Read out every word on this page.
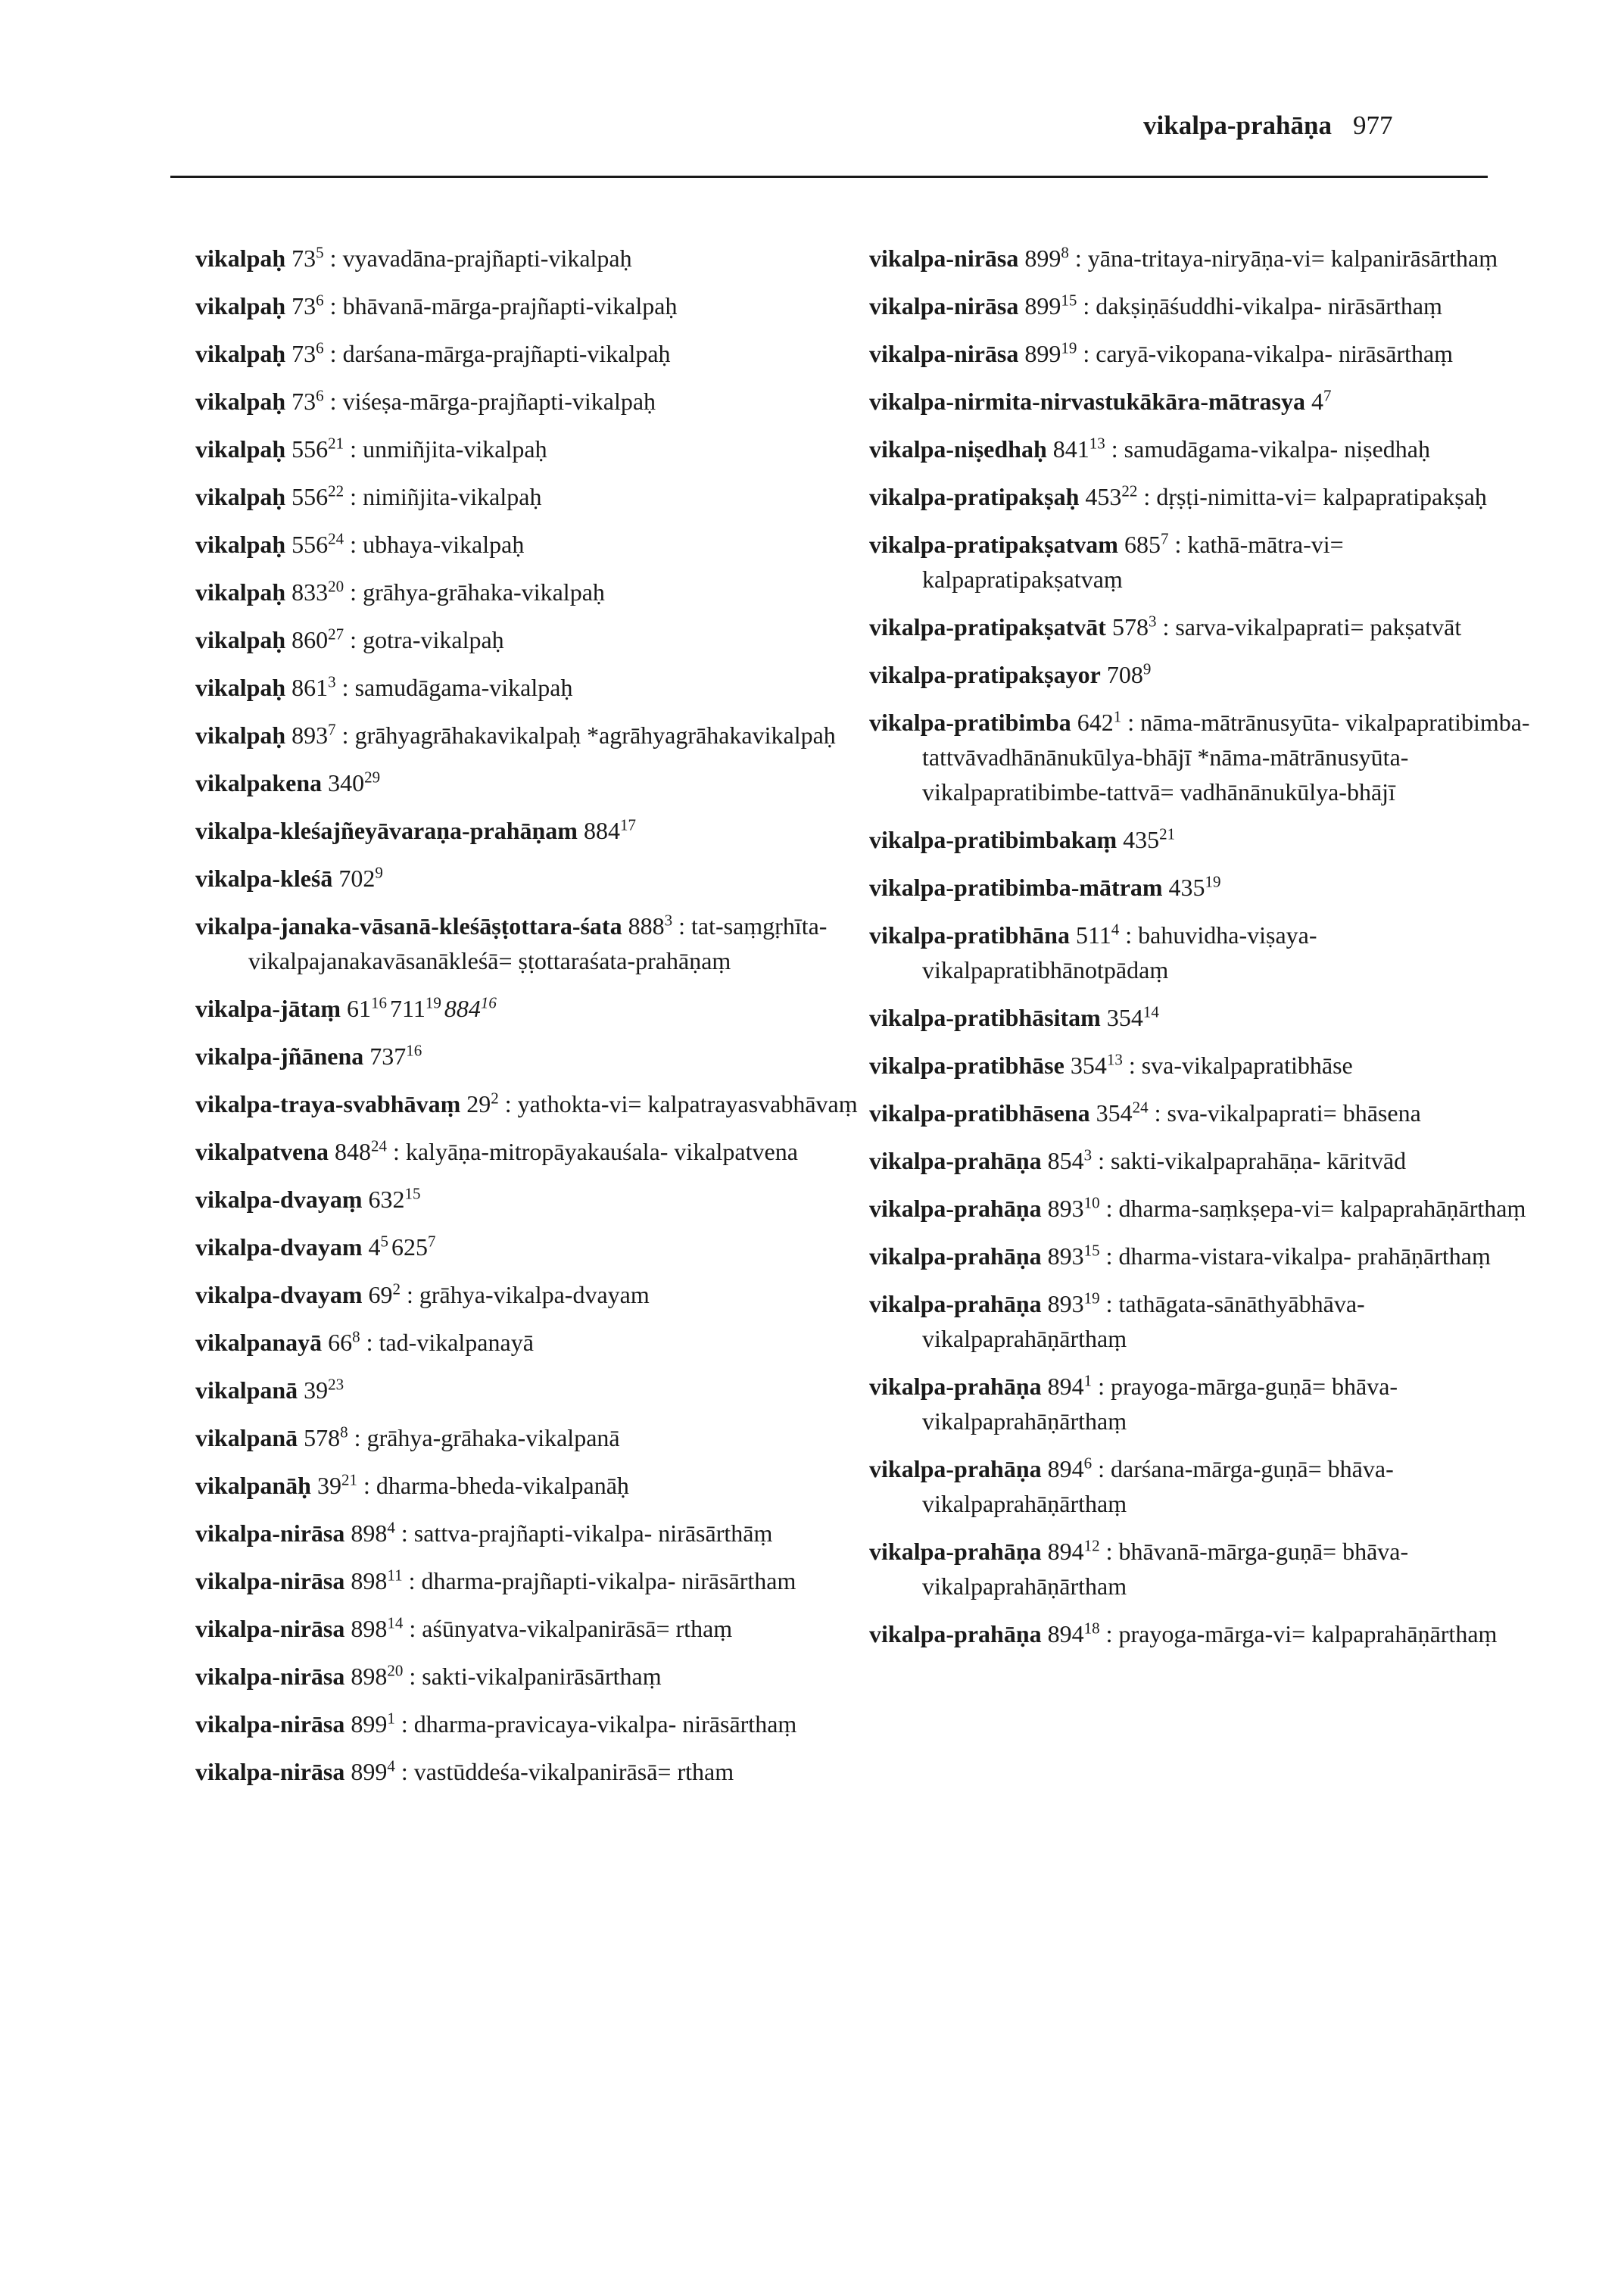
vikalpa-prahāṇa 977
vikalpaḥ $73^5$ : vyavadāna-prajñapti-vikalpaḥ
vikalpaḥ $73^6$ : bhāvanā-mārga-prajñapti-vikalpaḥ
vikalpaḥ $73^6$ : darśana-mārga-prajñapti-vikalpaḥ
vikalpaḥ $73^6$ : viśeṣa-mārga-prajñapti-vikalpaḥ
vikalpaḥ $556^{21}$ : unmiñjita-vikalpaḥ
vikalpaḥ $556^{22}$ : nimiñjita-vikalpaḥ
vikalpaḥ $556^{24}$ : ubhaya-vikalpaḥ
vikalpaḥ $833^{20}$ : grāhya-grāhaka-vikalpaḥ
vikalpaḥ $860^{27}$ : gotra-vikalpaḥ
vikalpaḥ $861^3$ : samudāgama-vikalpaḥ
vikalpaḥ $893^7$ : grāhyagrāhakavikalpaḥ *agrāhyagrāhakavikalpaḥ
vikalpakena $340^{29}$
vikalpa-kleśajñeyāvaraṇa-prahāṇam $884^{17}$
vikalpa-kleśā $702^9$
vikalpa-janaka-vāsanā-kleśāṣṭottara-śata $888^3$ : tat-saṃgṛhīta-vikalpajanakavāsanākleśā= ṣṭottaraśata-prahāṇaṃ
vikalpa-jātaṃ $61^{16}$ $711^{19}$ $884^{16}$
vikalpa-jñānena $737^{16}$
vikalpa-traya-svabhāvaṃ $29^2$ : yathokta-vi= kalpatrayasvabhāvaṃ
vikalpatvena $848^{24}$ : kalyāṇa-mitropāyakauśala- vikalpatvena
vikalpa-dvayaṃ $632^{15}$
vikalpa-dvayam $4^5$ $625^7$
vikalpa-dvayam $69^2$ : grāhya-vikalpa-dvayam
vikalpanayā $66^8$ : tad-vikalpanayā
vikalpanā $39^{23}$
vikalpanā $578^8$ : grāhya-grāhaka-vikalpanā
vikalpanāḥ $39^{21}$ : dharma-bheda-vikalpanāḥ
vikalpa-nirāsa $898^4$ : sattva-prajñapti-vikalpa- nirāsārthāṃ
vikalpa-nirāsa $898^{11}$ : dharma-prajñapti-vikalpa- nirāsārtham
vikalpa-nirāsa $898^{14}$ : aśūnyatva-vikalpanirāsā= rthaṃ
vikalpa-nirāsa $898^{20}$ : sakti-vikalpanirāsārthaṃ
vikalpa-nirāsa $899^1$ : dharma-pravicaya-vikalpa- nirāsārthaṃ
vikalpa-nirāsa $899^4$ : vastūddeśa-vikalpanirāsā= rtham
vikalpa-nirāsa $899^8$ : yāna-tritaya-niryāṇa-vi= kalpanirāsārthaṃ
vikalpa-nirāsa $899^{15}$ : dakṣiṇāśuddhi-vikalpa- nirāsārthaṃ
vikalpa-nirāsa $899^{19}$ : caryā-vikopana-vikalpa- nirāsārthaṃ
vikalpa-nirmita-nirvastukākāra-mātrasya $4^7$
vikalpa-niṣedhaḥ $841^{13}$ : samudāgama-vikalpa- niṣedhaḥ
vikalpa-pratipakṣaḥ $453^{22}$ : dṛṣṭi-nimitta-vi= kalpapratipakṣaḥ
vikalpa-pratipakṣatvam $685^7$ : kathā-mātra-vi= kalpapratipakṣatvaṃ
vikalpa-pratipakṣatvāt $578^3$ : sarva-vikalpaprati= pakṣatvāt
vikalpa-pratipakṣayor $708^9$
vikalpa-pratibimba $642^1$ : nāma-mātrānusyūta- vikalpapratibimba-tattvāvadhānānukūlya-bhājī *nāma-mātrānusyūta-vikalpapratibimbe-tattvā= vadhānānukūlya-bhājī
vikalpa-pratibimbakaṃ $435^{21}$
vikalpa-pratibimba-mātram $435^{19}$
vikalpa-pratibhāna $511^4$ : bahuvidha-viṣaya- vikalpapratibhānotpādaṃ
vikalpa-pratibhāsitam $354^{14}$
vikalpa-pratibhāse $354^{13}$ : sva-vikalpapratibhāse
vikalpa-pratibhāsena $354^{24}$ : sva-vikalpaprati= bhāsena
vikalpa-prahāṇa $854^3$ : sakti-vikalpaprahāṇa- kāritvād
vikalpa-prahāṇa $893^{10}$ : dharma-saṃkṣepa-vi= kalpaprahāṇārthaṃ
vikalpa-prahāṇa $893^{15}$ : dharma-vistara-vikalpa- prahāṇārthaṃ
vikalpa-prahāṇa $893^{19}$ : tathāgata-sānāthyābhāva- vikalpaprahāṇārthaṃ
vikalpa-prahāṇa $894^1$ : prayoga-mārga-guṇā= bhāva-vikalpaprahāṇārthaṃ
vikalpa-prahāṇa $894^6$ : darśana-mārga-guṇā= bhāva-vikalpaprahāṇārthaṃ
vikalpa-prahāṇa $894^{12}$ : bhāvanā-mārga-guṇā= bhāva-vikalpaprahāṇārtham
vikalpa-prahāṇa $894^{18}$ : prayoga-mārga-vi= kalpaprahāṇārthaṃ
